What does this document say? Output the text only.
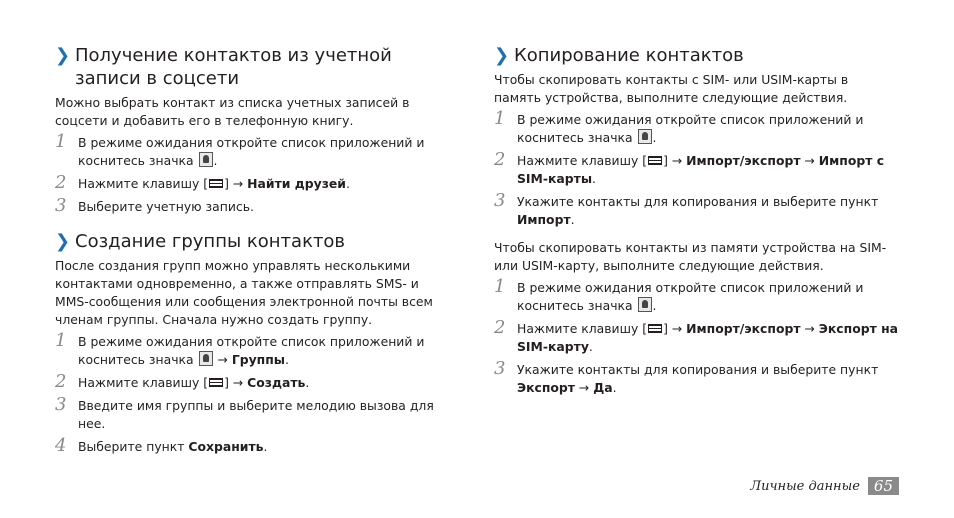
❯ Получение контактов из учетной записи в соцсети

Можно выбрать контакт из списка учетных записей в соцсети и добавить его в телефонную книгу.

1 В режиме ожидания откройте список приложений и коснитесь значка .
2 Нажмите клавишу [ ] → Найти друзей.
3 Выберите учетную запись.
❯ Создание группы контактов

После создания групп можно управлять несколькими контактами одновременно, а также отправлять SMS- и MMS-сообщения или сообщения электронной почты всем членам группы. Сначала нужно создать группу.

1 В режиме ожидания откройте список приложений и коснитесь значка  → Группы.
2 Нажмите клавишу [ ] → Создать.
3 Введите имя группы и выберите мелодию вызова для нее.
4 Выберите пункт Сохранить.
❯ Копирование контактов

Чтобы скопировать контакты с SIM- или USIM-карты в память устройства, выполните следующие действия.

1 В режиме ожидания откройте список приложений и коснитесь значка .
2 Нажмите клавишу [ ] → Импорт/экспорт → Импорт с SIM-карты.
3 Укажите контакты для копирования и выберите пункт Импорт.

Чтобы скопировать контакты из памяти устройства на SIM- или USIM-карту, выполните следующие действия.

1 В режиме ожидания откройте список приложений и коснитесь значка .
2 Нажмите клавишу [ ] → Импорт/экспорт → Экспорт на SIM-карту.
3 Укажите контакты для копирования и выберите пункт Экспорт → Да.
Личные данные 65
